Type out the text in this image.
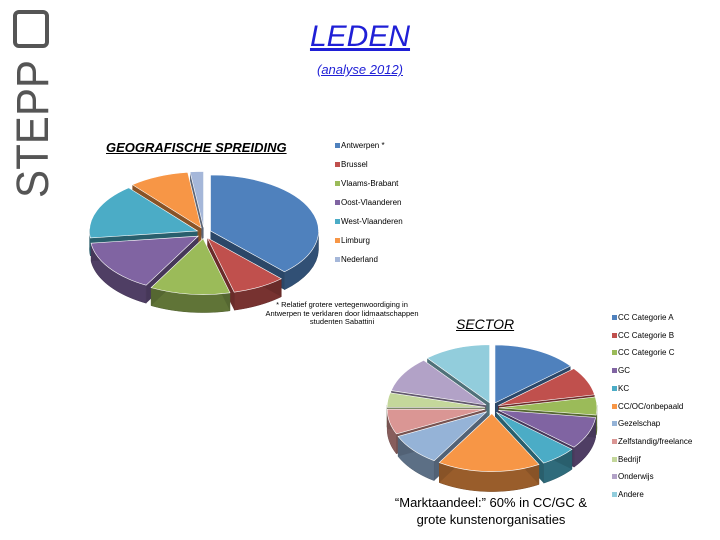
STEPP
LEDEN
(analyse 2012)
GEOGRAFISCHE SPREIDING
SECTOR
Antwerpen *
Brussel
Vlaams-Brabant
Oost-Vlaanderen
West-Vlaanderen
Limburg
Nederland
CC Categorie A
CC Categorie B
CC Categorie C
GC
KC
CC/OC/onbepaald
Gezelschap
Zelfstandig/freelance
Bedrijf
Onderwijs
Andere
* Relatief grotere vertegenwoordiging in Antwerpen te verklaren door lidmaatschappen studenten Sabattini
“Marktaandeel:” 60% in CC/GC & grote kunstenorganisaties
